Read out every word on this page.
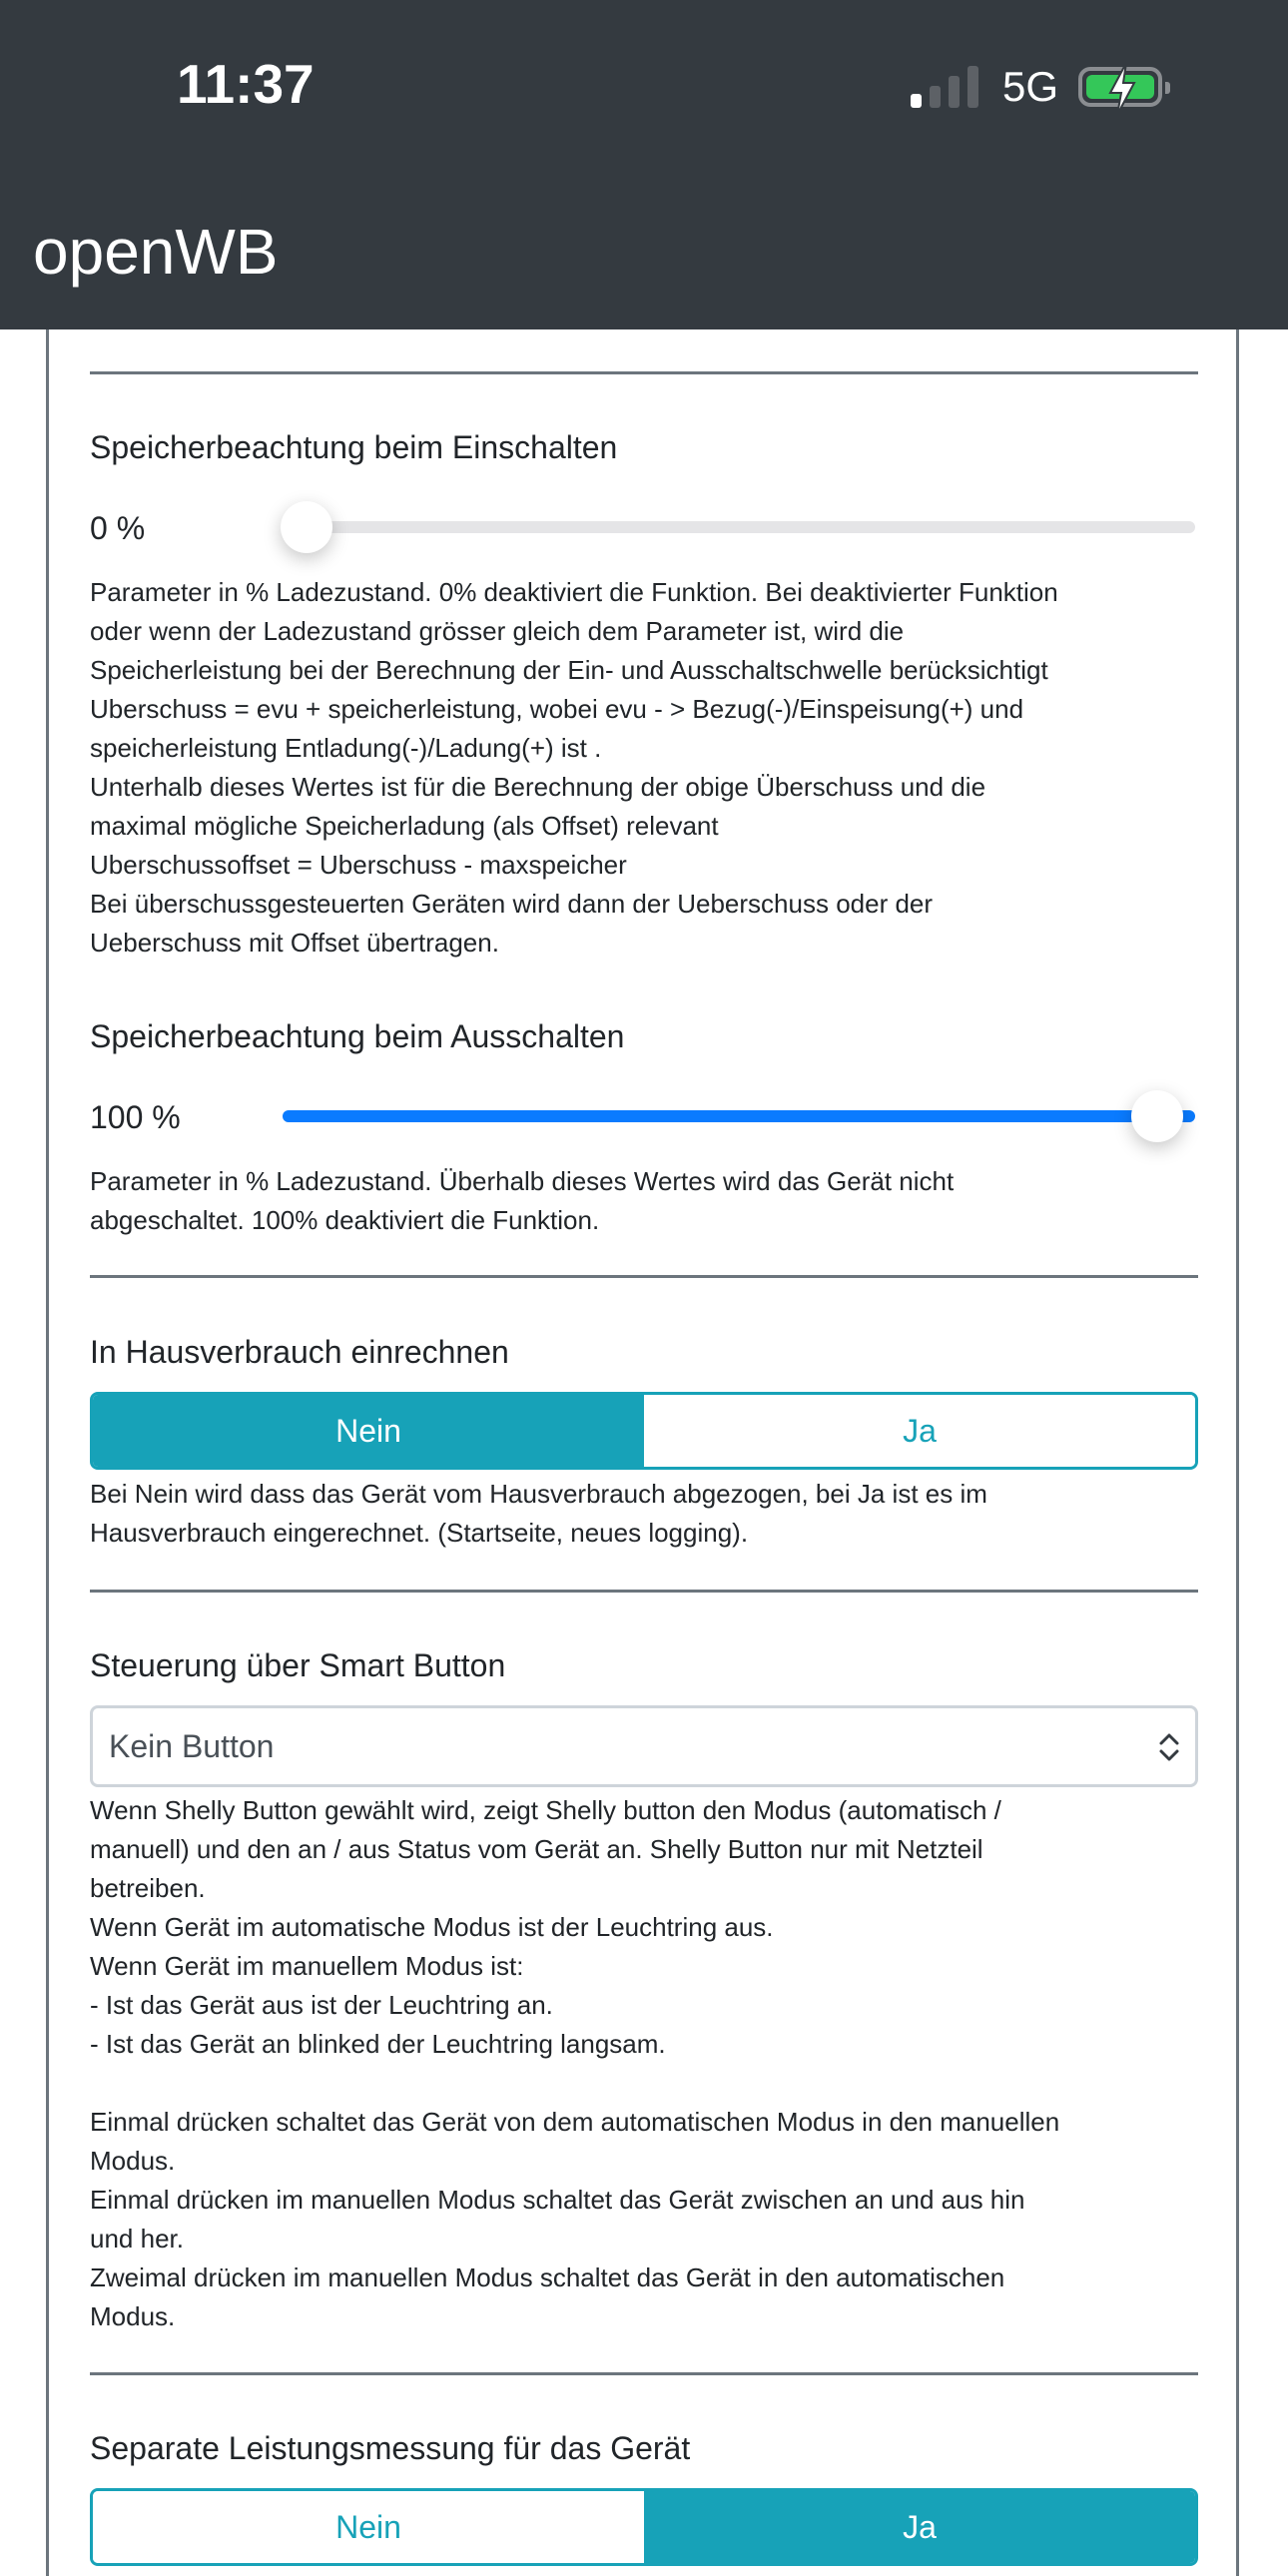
11:37	5G
openWB
Speicherbeachtung beim Einschalten
0 %
Parameter in % Ladezustand. 0% deaktiviert die Funktion. Bei deaktivierter Funktion
oder wenn der Ladezustand grösser gleich dem Parameter ist, wird die
Speicherleistung bei der Berechnung der Ein- und Ausschaltschwelle berücksichtigt
Uberschuss = evu + speicherleistung, wobei evu - > Bezug(-)/Einspeisung(+) und
speicherleistung Entladung(-)/Ladung(+) ist .
Unterhalb dieses Wertes ist für die Berechnung der obige Überschuss und die
maximal mögliche Speicherladung (als Offset) relevant
Uberschussoffset = Uberschuss - maxspeicher
Bei überschussgesteuerten Geräten wird dann der Ueberschuss oder der
Ueberschuss mit Offset übertragen.
Speicherbeachtung beim Ausschalten
100 %
Parameter in % Ladezustand. Überhalb dieses Wertes wird das Gerät nicht
abgeschaltet. 100% deaktiviert die Funktion.
In Hausverbrauch einrechnen
Nein	Ja
Bei Nein wird dass das Gerät vom Hausverbrauch abgezogen, bei Ja ist es im
Hausverbrauch eingerechnet. (Startseite, neues logging).
Steuerung über Smart Button
Kein Button
Wenn Shelly Button gewählt wird, zeigt Shelly button den Modus (automatisch /
manuell) und den an / aus Status vom Gerät an. Shelly Button nur mit Netzteil
betreiben.
Wenn Gerät im automatische Modus ist der Leuchtring aus.
Wenn Gerät im manuellem Modus ist:
- Ist das Gerät aus ist der Leuchtring an.
- Ist das Gerät an blinked der Leuchtring langsam.

Einmal drücken schaltet das Gerät von dem automatischen Modus in den manuellen
Modus.
Einmal drücken im manuellen Modus schaltet das Gerät zwischen an und aus hin
und her.
Zweimal drücken im manuellen Modus schaltet das Gerät in den automatischen
Modus.
Separate Leistungsmessung für das Gerät
Nein	Ja
